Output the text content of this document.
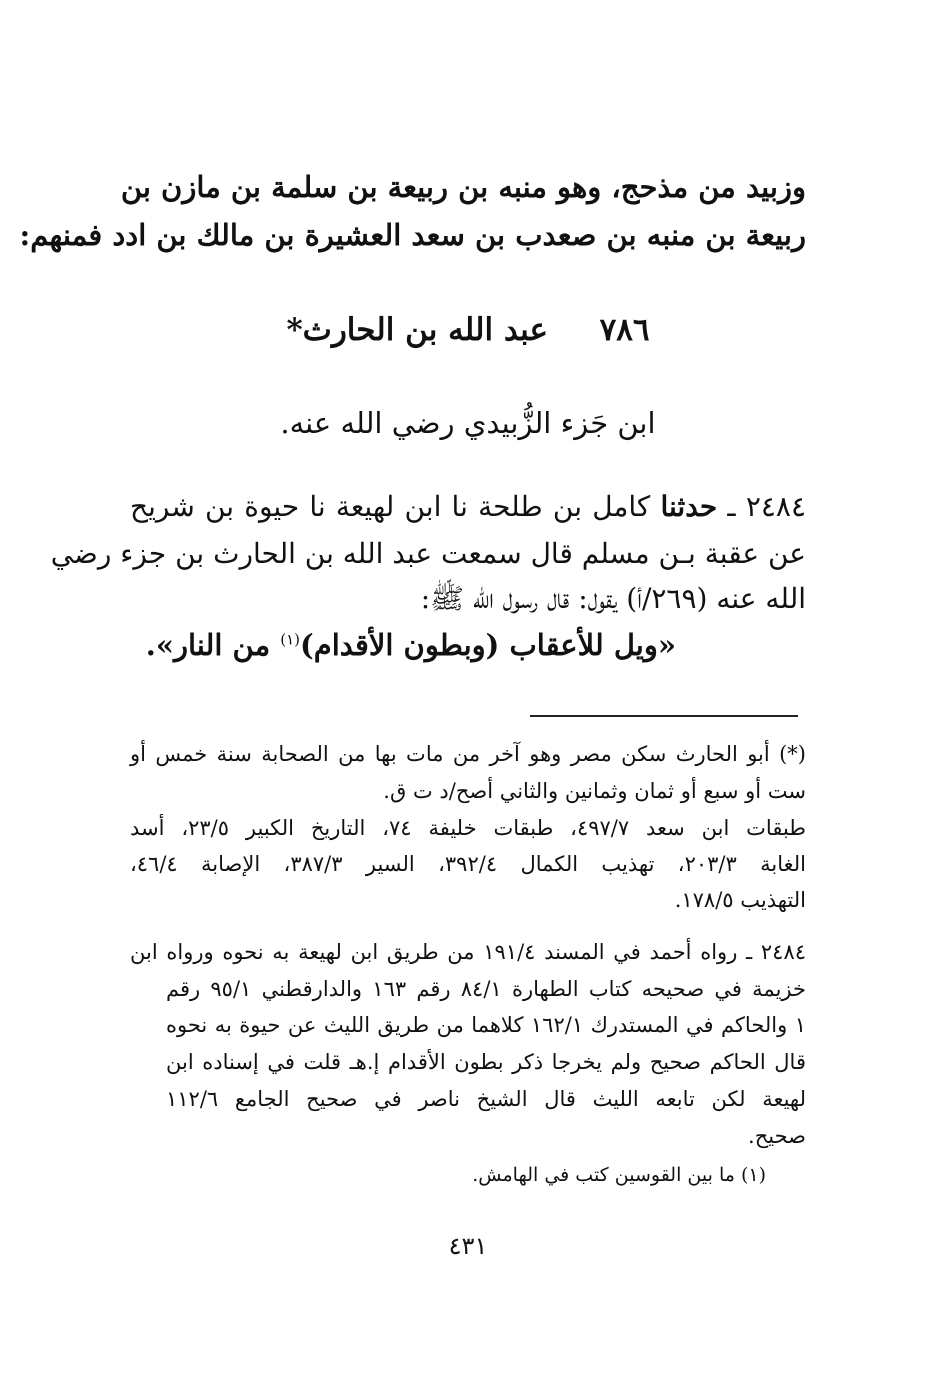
وزبيد من مذحج، وهو منبه بن ربيعة بن سلمة بن مازن بن
ربيعة بن منبه بن صعدب بن سعد العشيرة بن مالك بن ادد فمنهم:
٧٨٦  عبد الله بن الحارث*
ابن جَزء الزُّبيدي رضي الله عنه.
٢٤٨٤ ـ حدثنا كامل بن طلحة نا ابن لهيعة نا حيوة بن شريح
عن عقبة بـن مسلم قال سمعت عبد الله بن الحارث بن جزء رضي
الله عنه (٢٦٩/أ) يقول: قال رسول الله ﷺ:
«ويل للأعقاب (وبطون الأقدام)$^{(١)}$ من النار».
(*) أبو الحارث سكن مصر وهو آخر من مات بها من الصحابة سنة خمس أو
ست أو سبع أو ثمان وثمانين والثاني أصح/د ت ق.
طبقات ابن سعد ٤٩٧/٧، طبقات خليفة ٧٤، التاريخ الكبير ٢٣/٥، أسد
الغابة ٢٠٣/٣، تهذيب الكمال ٣٩٢/٤، السير ٣٨٧/٣، الإصابة ٤٦/٤،
التهذيب ١٧٨/٥.
٢٤٨٤ ـ رواه أحمد في المسند ١٩١/٤ من طريق ابن لهيعة به نحوه ورواه ابن
خزيمة في صحيحه كتاب الطهارة ٨٤/١ رقم ١٦٣ والدارقطني ٩٥/١ رقم
١ والحاكم في المستدرك ١٦٢/١ كلاهما من طريق الليث عن حيوة به نحوه
قال الحاكم صحيح ولم يخرجا ذكر بطون الأقدام إ.هـ قلت في إسناده ابن
لهيعة لكن تابعه الليث قال الشيخ ناصر في صحيح الجامع ١١٢/٦
صحيح.
(١) ما بين القوسين كتب في الهامش.
٤٣١
